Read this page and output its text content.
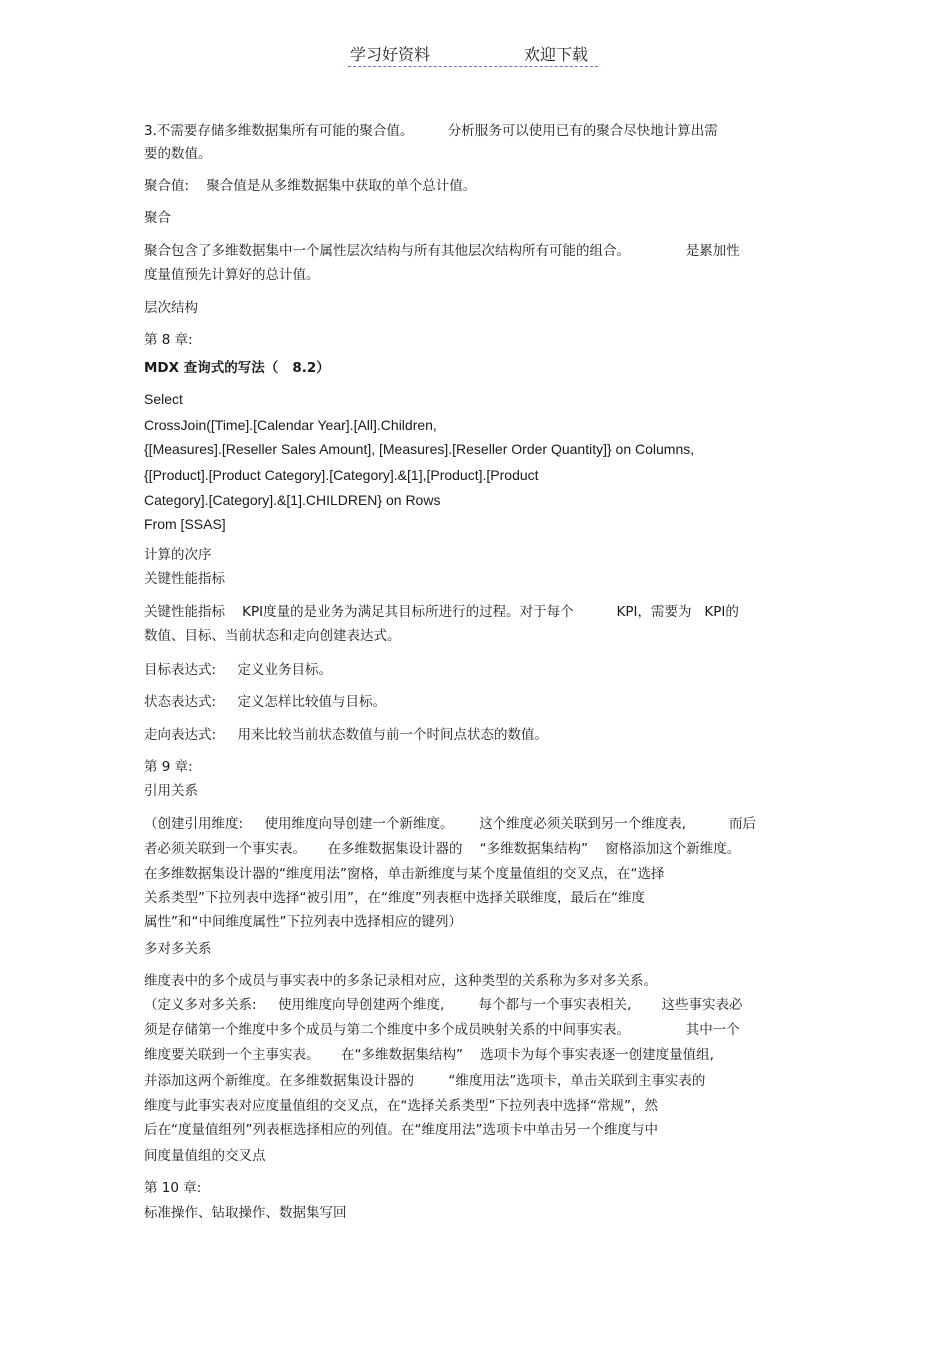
学习好资料	欢迎下载
3.不需要存储多维数据集所有可能的聚合值。        分析服务可以使用已有的聚合尽快地计算出需
要的数值。
聚合值:    聚合值是从多维数据集中获取的单个总计值。
聚合
聚合包含了多维数据集中一个属性层次结构与所有其他层次结构所有可能的组合。             是累加性
度量值预先计算好的总计值。
层次结构
第 8 章:
MDX 查询式的写法（   8.2）
Select
CrossJoin([Time].[Calendar Year].[All].Children,
{[Measures].[Reseller Sales Amount], [Measures].[Reseller Order Quantity]} on Columns,
{[Product].[Product Category].[Category].&[1],[Product].[Product
Category].[Category].&[1].CHILDREN} on Rows
From [SSAS]
计算的次序
关键性能指标
关键性能指标    KPI度量的是业务为满足其目标所进行的过程。对于每个          KPI，需要为   KPI的
数值、目标、当前状态和走向创建表达式。
目标表达式:     定义业务目标。
状态表达式:     定义怎样比较值与目标。
走向表达式:     用来比较当前状态数值与前一个时间点状态的数值。
第 9 章:
引用关系
（创建引用维度:     使用维度向导创建一个新维度。      这个维度必须关联到另一个维度表,          而后
者必须关联到一个事实表。     在多维数据集设计器的    “多维数据集结构”    窗格添加这个新维度。
在多维数据集设计器的“维度用法”窗格，单击新维度与某个度量值组的交叉点，在“选择
关系类型”下拉列表中选择“被引用”，在“维度”列表框中选择关联维度，最后在“维度
属性”和“中间维度属性”下拉列表中选择相应的键列）
多对多关系
维度表中的多个成员与事实表中的多条记录相对应，这种类型的关系称为多对多关系。
（定义多对多关系:     使用维度向导创建两个维度,        每个都与一个事实表相关,       这些事实表必
须是存储第一个维度中多个成员与第二个维度中多个成员映射关系的中间事实表。             其中一个
维度要关联到一个主事实表。     在“多维数据集结构”    选项卡为每个事实表逐一创建度量值组,
并添加这两个新维度。在多维数据集设计器的        “维度用法”选项卡，单击关联到主事实表的
维度与此事实表对应度量值组的交叉点，在“选择关系类型”下拉列表中选择“常规”，然
后在“度量值组列”列表框选择相应的列值。在“维度用法”选项卡中单击另一个维度与中
间度量值组的交叉点
第 10 章:
标准操作、钻取操作、数据集写回
